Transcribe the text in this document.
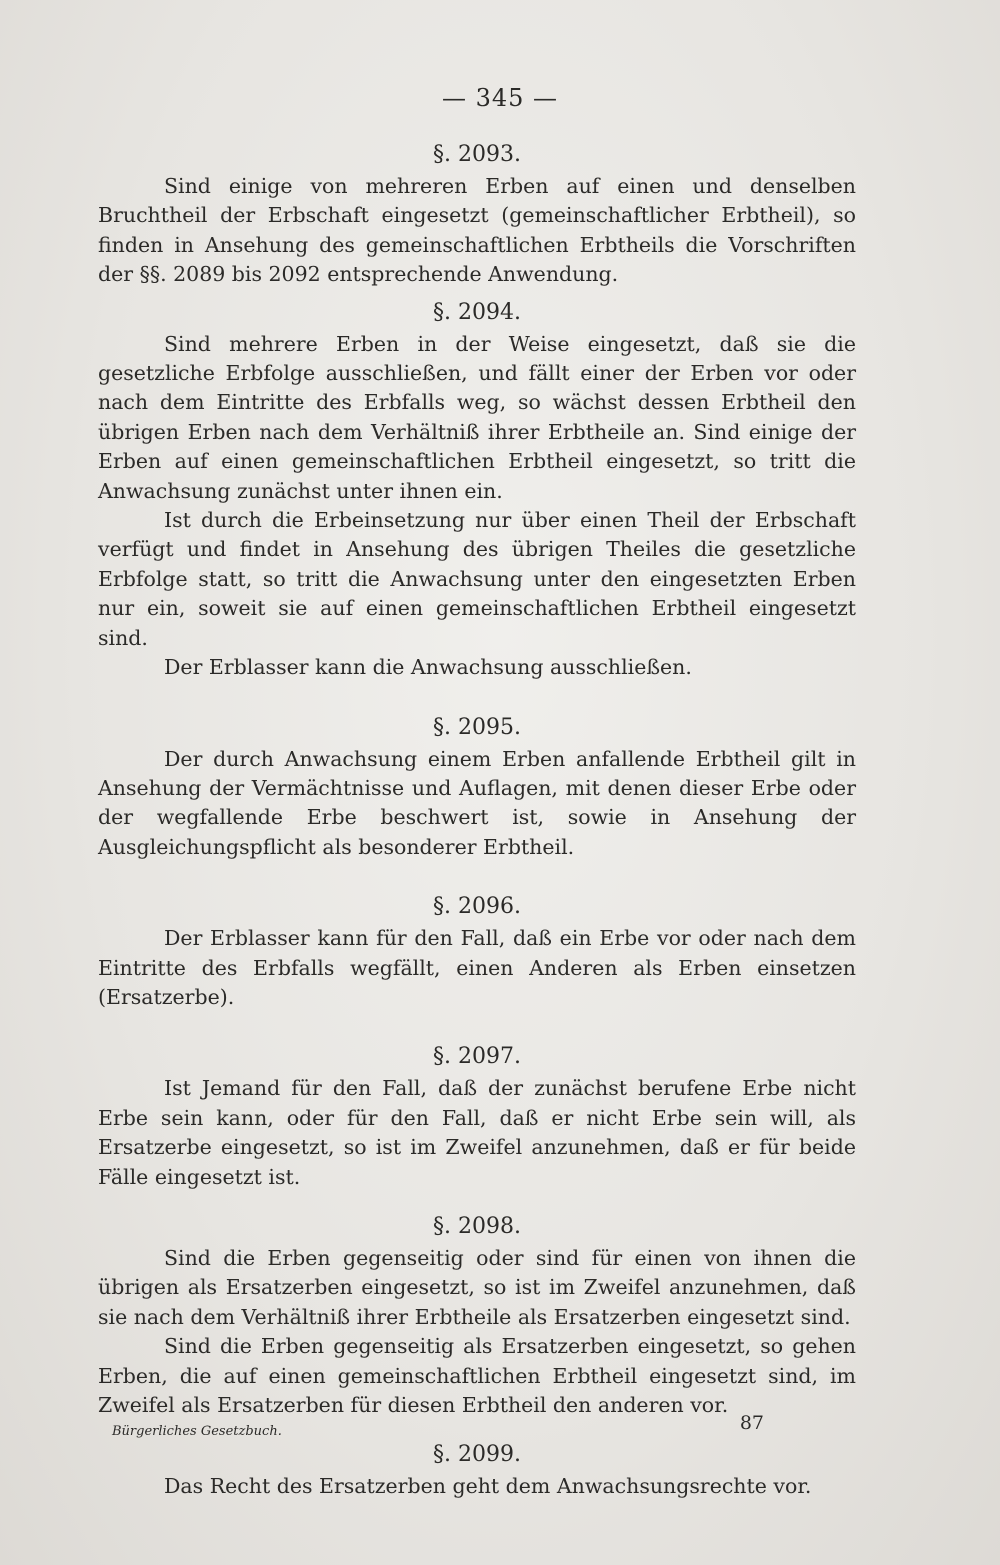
— 345 —
§. 2093.

Sind einige von mehreren Erben auf einen und denselben Bruchtheil der Erbschaft eingesetzt (gemeinschaftlicher Erbtheil), so finden in Ansehung des gemeinschaftlichen Erbtheils die Vorschriften der §§. 2089 bis 2092 entsprechende Anwendung.

§. 2094.

Sind mehrere Erben in der Weise eingesetzt, daß sie die gesetzliche Erbfolge ausschließen, und fällt einer der Erben vor oder nach dem Eintritte des Erbfalls weg, so wächst dessen Erbtheil den übrigen Erben nach dem Verhältniß ihrer Erbtheile an. Sind einige der Erben auf einen gemeinschaftlichen Erbtheil eingesetzt, so tritt die Anwachsung zunächst unter ihnen ein.

Ist durch die Erbeinsetzung nur über einen Theil der Erbschaft verfügt und findet in Ansehung des übrigen Theiles die gesetzliche Erbfolge statt, so tritt die Anwachsung unter den eingesetzten Erben nur ein, soweit sie auf einen gemeinschaftlichen Erbtheil eingesetzt sind.

Der Erblasser kann die Anwachsung ausschließen.

§. 2095.

Der durch Anwachsung einem Erben anfallende Erbtheil gilt in Ansehung der Vermächtnisse und Auflagen, mit denen dieser Erbe oder der wegfallende Erbe beschwert ist, sowie in Ansehung der Ausgleichungspflicht als besonderer Erbtheil.

§. 2096.

Der Erblasser kann für den Fall, daß ein Erbe vor oder nach dem Eintritte des Erbfalls wegfällt, einen Anderen als Erben einsetzen (Ersatzerbe).

§. 2097.

Ist Jemand für den Fall, daß der zunächst berufene Erbe nicht Erbe sein kann, oder für den Fall, daß er nicht Erbe sein will, als Ersatzerbe eingesetzt, so ist im Zweifel anzunehmen, daß er für beide Fälle eingesetzt ist.

§. 2098.

Sind die Erben gegenseitig oder sind für einen von ihnen die übrigen als Ersatzerben eingesetzt, so ist im Zweifel anzunehmen, daß sie nach dem Verhältniß ihrer Erbtheile als Ersatzerben eingesetzt sind.

Sind die Erben gegenseitig als Ersatzerben eingesetzt, so gehen Erben, die auf einen gemeinschaftlichen Erbtheil eingesetzt sind, im Zweifel als Ersatzerben für diesen Erbtheil den anderen vor.

§. 2099.

Das Recht des Ersatzerben geht dem Anwachsungsrechte vor.

Bürgerliches Gesetzbuch.	87
